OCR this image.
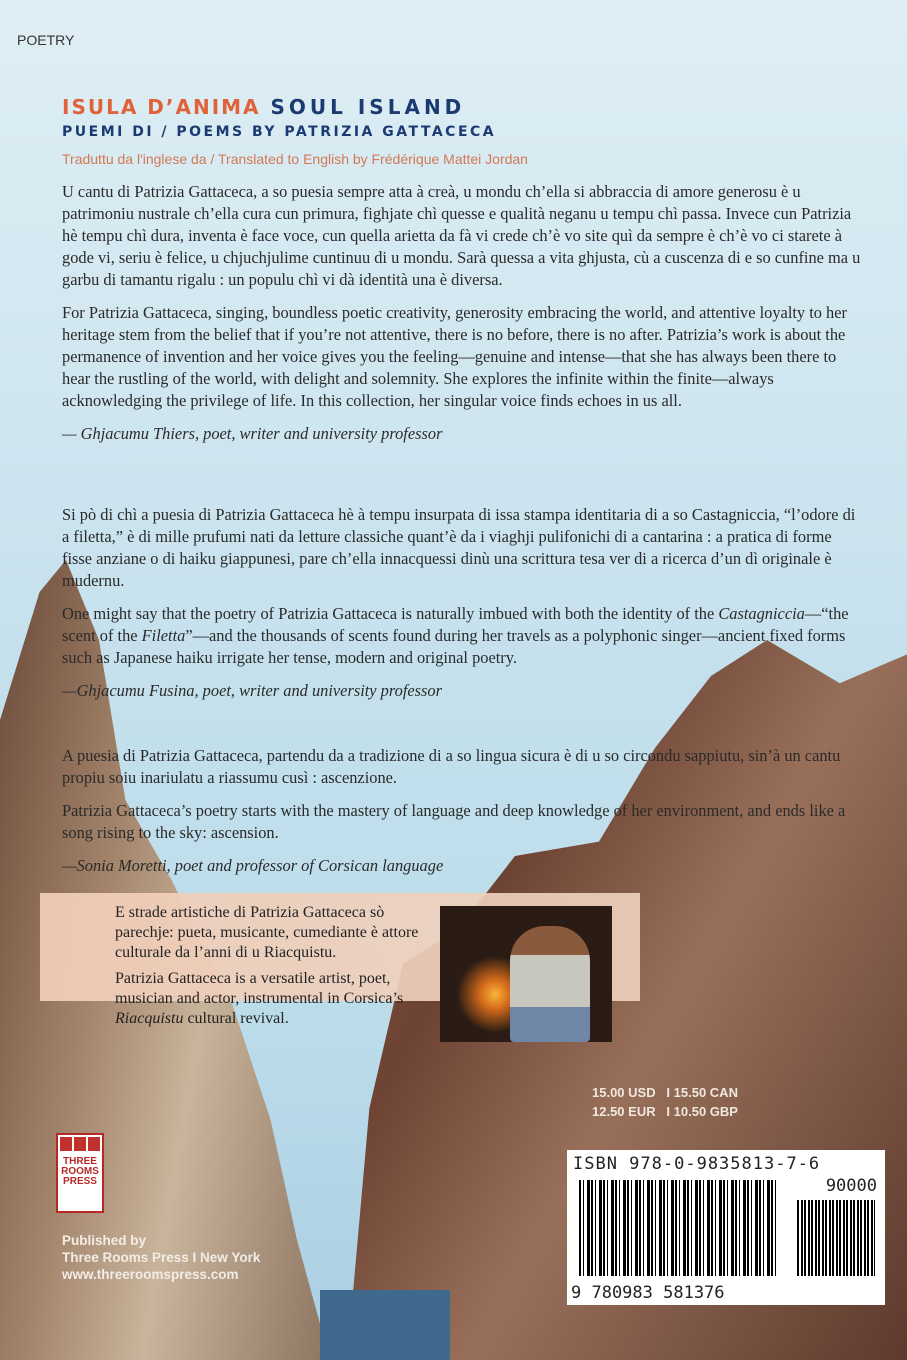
POETRY
ISULA D’ANIMA SOUL ISLAND
PUEMI DI / POEMS BY PATRIZIA GATTACECA
Traduttu da l'inglese da / Translated to English by Frédérique Mattei Jordan

U cantu di Patrizia Gattaceca, a so puesia sempre atta à creà, u mondu ch’ella si abbraccia di amore generosu è u patrimoniu nustrale ch’ella cura cun primura, fighjate chì quesse e qualità neganu u tempu chì passa. Invece cun Patrizia hè tempu chì dura, inventa è face voce, cun quella arietta da fà vi crede ch’è vo site quì da sempre è ch’è vo ci starete à gode vi, seriu è felice, u chjuchjulime cuntinuu di u mondu. Sarà quessa a vita ghjusta, cù a cuscenza di e so cunfine ma u garbu di tamantu rigalu : un populu chì vi dà identità una è diversa.

For Patrizia Gattaceca, singing, boundless poetic creativity, generosity embracing the world, and attentive loyalty to her heritage stem from the belief that if you’re not attentive, there is no before, there is no after. Patrizia’s work is about the permanence of invention and her voice gives you the feeling—genuine and intense—that she has always been there to hear the rustling of the world, with delight and solemnity. She explores the infinite within the finite—always acknowledging the privilege of life. In this collection, her singular voice finds echoes in us all.

— Ghjacumu Thiers, poet, writer and university professor

Si pò di chì a puesia di Patrizia Gattaceca hè à tempu insurpata di issa stampa identitaria di a so Castagniccia, “l’odore di a filetta,” è di mille prufumi nati da letture classiche quant’è da i viaghji pulifonichi di a cantarina : a pratica di forme fisse anziane o di haiku giappunesi, pare ch’ella innacquessi dinù una scrittura tesa ver di a ricerca d’un dì originale è mudernu.

One might say that the poetry of Patrizia Gattaceca is naturally imbued with both the identity of the Castagniccia—“the scent of the Filetta”—and the thousands of scents found during her travels as a polyphonic singer—ancient fixed forms such as Japanese haiku irrigate her tense, modern and original poetry.

—Ghjacumu Fusina, poet, writer and university professor

A puesia di Patrizia Gattaceca, partendu da a tradizione di a so lingua sicura è di u so circondu sappiutu, sin’à un cantu propiu soiu inariulatu a riassumu cusì : ascenzione.

Patrizia Gattaceca’s poetry starts with the mastery of language and deep knowledge of her environment, and ends like a song rising to the sky: ascension.

—Sonia Moretti, poet and professor of Corsican language

E strade artistiche di Patrizia Gattaceca sò parechje: pueta, musicante, cumediante è attore culturale da l’anni di u Riacquistu.

Patrizia Gattaceca is a versatile artist, poet, musician and actor, instrumental in Corsica’s Riacquistu cultural revival.

15.00 USD   I 15.50 CAN
12.50 EUR   I 10.50 GBP
ISBN 978-0-9835813-7-6
90000
9 780983 581376
THREE
ROOMS
PRESS
Published by
Three Rooms Press I New York
www.threeroomspress.com
